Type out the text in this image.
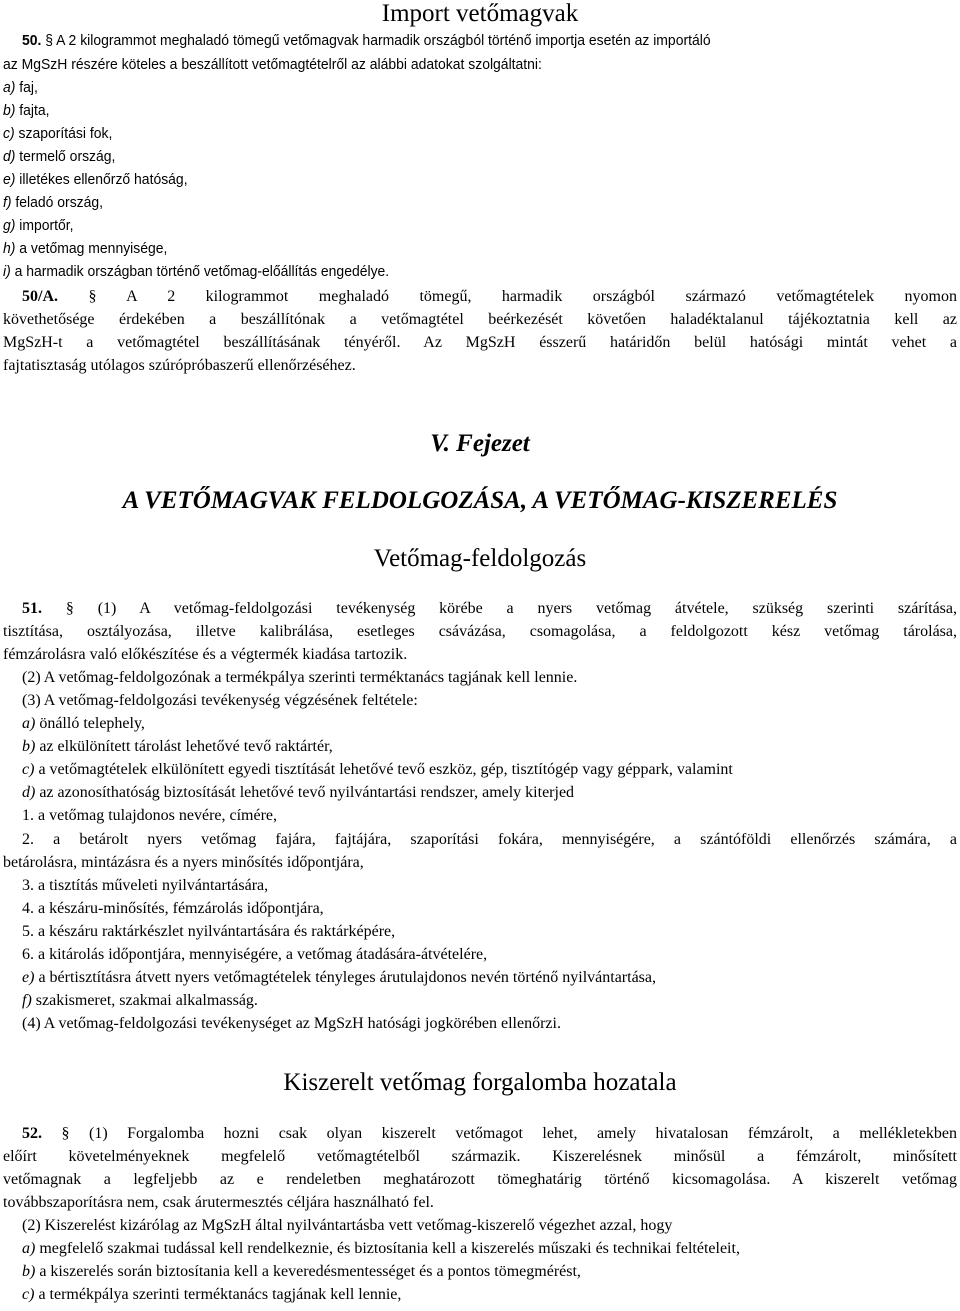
Import vetőmagvak
50. § A 2 kilogrammot meghaladó tömegű vetőmagvak harmadik országból történő importja esetén az importáló
az MgSzH részére köteles a beszállított vetőmagtételről az alábbi adatokat szolgáltatni:
a) faj,
b) fajta,
c) szaporítási fok,
d) termelő ország,
e) illetékes ellenőrző hatóság,
f) feladó ország,
g) importőr,
h) a vetőmag mennyisége,
i) a harmadik országban történő vetőmag-előállítás engedélye.
50/A. § A 2 kilogrammot meghaladó tömegű, harmadik országból származó vetőmagtételek nyomon
követhetősége érdekében a beszállítónak a vetőmagtétel beérkezését követően haladéktalanul tájékoztatnia kell az
MgSzH-t a vetőmagtétel beszállításának tényéről. Az MgSzH ésszerű határidőn belül hatósági mintát vehet a
fajtatisztaság utólagos szúrópróbaszerű ellenőrzéséhez.
V. Fejezet
A VETŐMAGVAK FELDOLGOZÁSA, A VETŐMAG-KISZERELÉS
Vetőmag-feldolgozás
51. § (1) A vetőmag-feldolgozási tevékenység körébe a nyers vetőmag átvétele, szükség szerinti szárítása,
tisztítása, osztályozása, illetve kalibrálása, esetleges csávázása, csomagolása, a feldolgozott kész vetőmag tárolása,
fémzárolásra való előkészítése és a végtermék kiadása tartozik.
(2) A vetőmag-feldolgozónak a termékpálya szerinti terméktanács tagjának kell lennie.
(3) A vetőmag-feldolgozási tevékenység végzésének feltétele:
a) önálló telephely,
b) az elkülönített tárolást lehetővé tevő raktártér,
c) a vetőmagtételek elkülönített egyedi tisztítását lehetővé tevő eszköz, gép, tisztítógép vagy géppark, valamint
d) az azonosíthatóság biztosítását lehetővé tevő nyilvántartási rendszer, amely kiterjed
1. a vetőmag tulajdonos nevére, címére,
2. a betárolt nyers vetőmag fajára, fajtájára, szaporítási fokára, mennyiségére, a szántóföldi ellenőrzés számára, a
betárolásra, mintázásra és a nyers minősítés időpontjára,
3. a tisztítás műveleti nyilvántartására,
4. a készáru-minősítés, fémzárolás időpontjára,
5. a készáru raktárkészlet nyilvántartására és raktárképére,
6. a kitárolás időpontjára, mennyiségére, a vetőmag átadására-átvételére,
e) a bértisztításra átvett nyers vetőmagtételek tényleges árutulajdonos nevén történő nyilvántartása,
f) szakismeret, szakmai alkalmasság.
(4) A vetőmag-feldolgozási tevékenységet az MgSzH hatósági jogkörében ellenőrzi.
Kiszerelt vetőmag forgalomba hozatala
52. § (1) Forgalomba hozni csak olyan kiszerelt vetőmagot lehet, amely hivatalosan fémzárolt, a mellékletekben
előírt követelményeknek megfelelő vetőmagtételből származik. Kiszerelésnek minősül a fémzárolt, minősített
vetőmagnak a legfeljebb az e rendeletben meghatározott tömeghatárig történő kicsomagolása. A kiszerelt vetőmag
továbbszaporításra nem, csak árutermesztés céljára használható fel.
(2) Kiszerelést kizárólag az MgSzH által nyilvántartásba vett vetőmag-kiszerelő végezhet azzal, hogy
a) megfelelő szakmai tudással kell rendelkeznie, és biztosítania kell a kiszerelés műszaki és technikai feltételeit,
b) a kiszerelés során biztosítania kell a keveredésmentességet és a pontos tömegmérést,
c) a termékpálya szerinti terméktanács tagjának kell lennie,
